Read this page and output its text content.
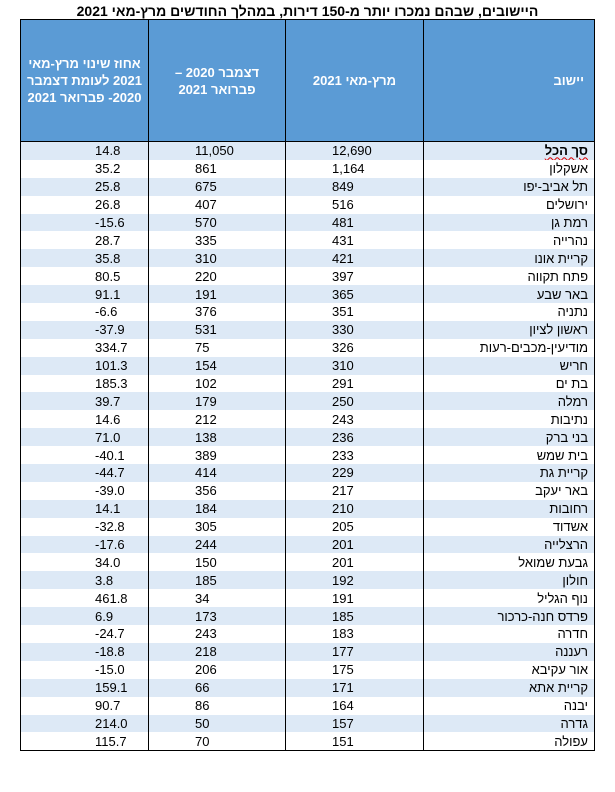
היישובים, שבהם נמכרו יותר מ-150 דירות, במהלך החודשים מרץ-מאי 2021
יישוב	מרץ-מאי 2021	דצמבר 2020 – פברואר 2021	אחוז שינוי מרץ-מאי 2021 לעומת דצמבר 2020- פברואר 2021
סך הכל	12,690	11,050	14.8
אשקלון	1,164	861	35.2
תל אביב-יפו	849	675	25.8
ירושלים	516	407	26.8
רמת גן	481	570	-15.6
נהרייה	431	335	28.7
קריית אונו	421	310	35.8
פתח תקווה	397	220	80.5
באר שבע	365	191	91.1
נתניה	351	376	-6.6
ראשון לציון	330	531	-37.9
מודיעין-מכבים-רעות	326	75	334.7
חריש	310	154	101.3
בת ים	291	102	185.3
רמלה	250	179	39.7
נתיבות	243	212	14.6
בני ברק	236	138	71.0
בית שמש	233	389	-40.1
קריית גת	229	414	-44.7
באר יעקב	217	356	-39.0
רחובות	210	184	14.1
אשדוד	205	305	-32.8
הרצלייה	201	244	-17.6
גבעת שמואל	201	150	34.0
חולון	192	185	3.8
נוף הגליל	191	34	461.8
פרדס חנה-כרכור	185	173	6.9
חדרה	183	243	-24.7
רעננה	177	218	-18.8
אור עקיבא	175	206	-15.0
קריית אתא	171	66	159.1
יבנה	164	86	90.7
גדרה	157	50	214.0
עפולה	151	70	115.7
